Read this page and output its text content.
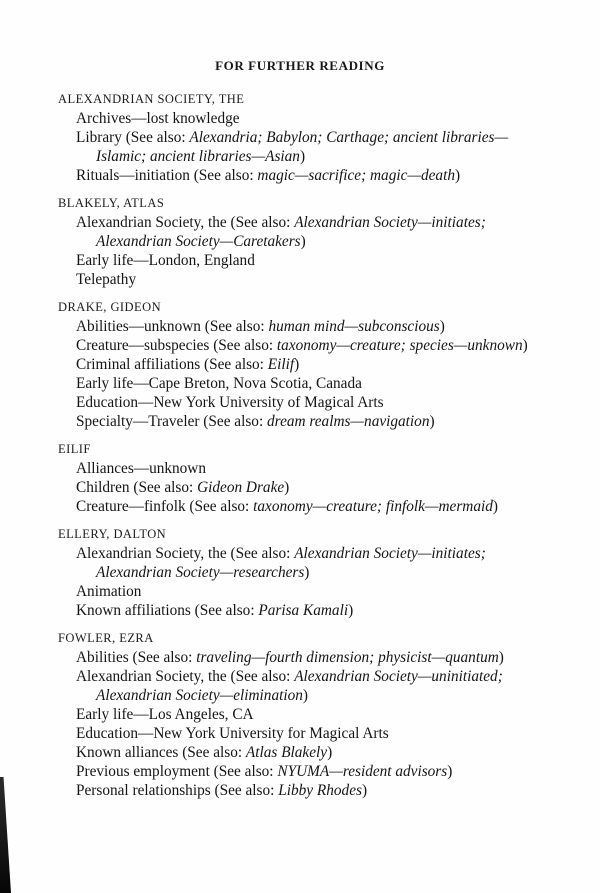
FOR FURTHER READING
ALEXANDRIAN SOCIETY, THE
Archives—lost knowledge
Library (See also: Alexandria; Babylon; Carthage; ancient libraries—Islamic; ancient libraries—Asian)
Rituals—initiation (See also: magic—sacrifice; magic—death)
BLAKELY, ATLAS
Alexandrian Society, the (See also: Alexandrian Society—initiates; Alexandrian Society—Caretakers)
Early life—London, England
Telepathy
DRAKE, GIDEON
Abilities—unknown (See also: human mind—subconscious)
Creature—subspecies (See also: taxonomy—creature; species—unknown)
Criminal affiliations (See also: Eilif)
Early life—Cape Breton, Nova Scotia, Canada
Education—New York University of Magical Arts
Specialty—Traveler (See also: dream realms—navigation)
EILIF
Alliances—unknown
Children (See also: Gideon Drake)
Creature—finfolk (See also: taxonomy—creature; finfolk—mermaid)
ELLERY, DALTON
Alexandrian Society, the (See also: Alexandrian Society—initiates; Alexandrian Society—researchers)
Animation
Known affiliations (See also: Parisa Kamali)
FOWLER, EZRA
Abilities (See also: traveling—fourth dimension; physicist—quantum)
Alexandrian Society, the (See also: Alexandrian Society—uninitiated; Alexandrian Society—elimination)
Early life—Los Angeles, CA
Education—New York University for Magical Arts
Known alliances (See also: Atlas Blakely)
Previous employment (See also: NYUMA—resident advisors)
Personal relationships (See also: Libby Rhodes)
